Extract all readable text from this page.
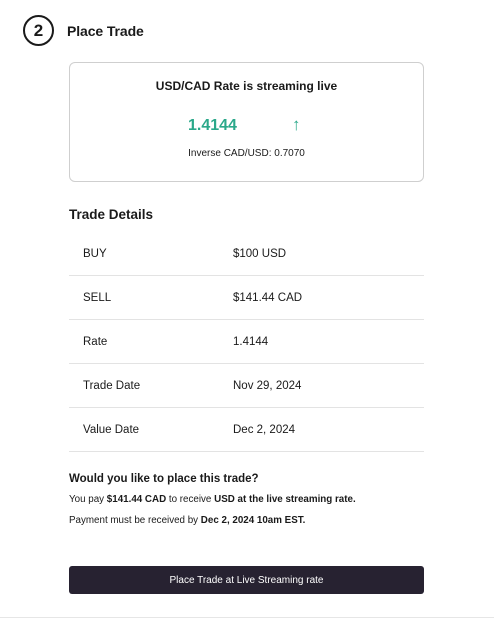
2 Place Trade
USD/CAD Rate is streaming live
1.4144	↑
Inverse CAD/USD: 0.7070
Trade Details
BUY	$100 USD
SELL	$141.44 CAD
Rate	1.4144
Trade Date	Nov 29, 2024
Value Date	Dec 2, 2024
Would you like to place this trade?
You pay $141.44 CAD to receive USD at the live streaming rate.
Payment must be received by Dec 2, 2024 10am EST.
Place Trade at Live Streaming rate
